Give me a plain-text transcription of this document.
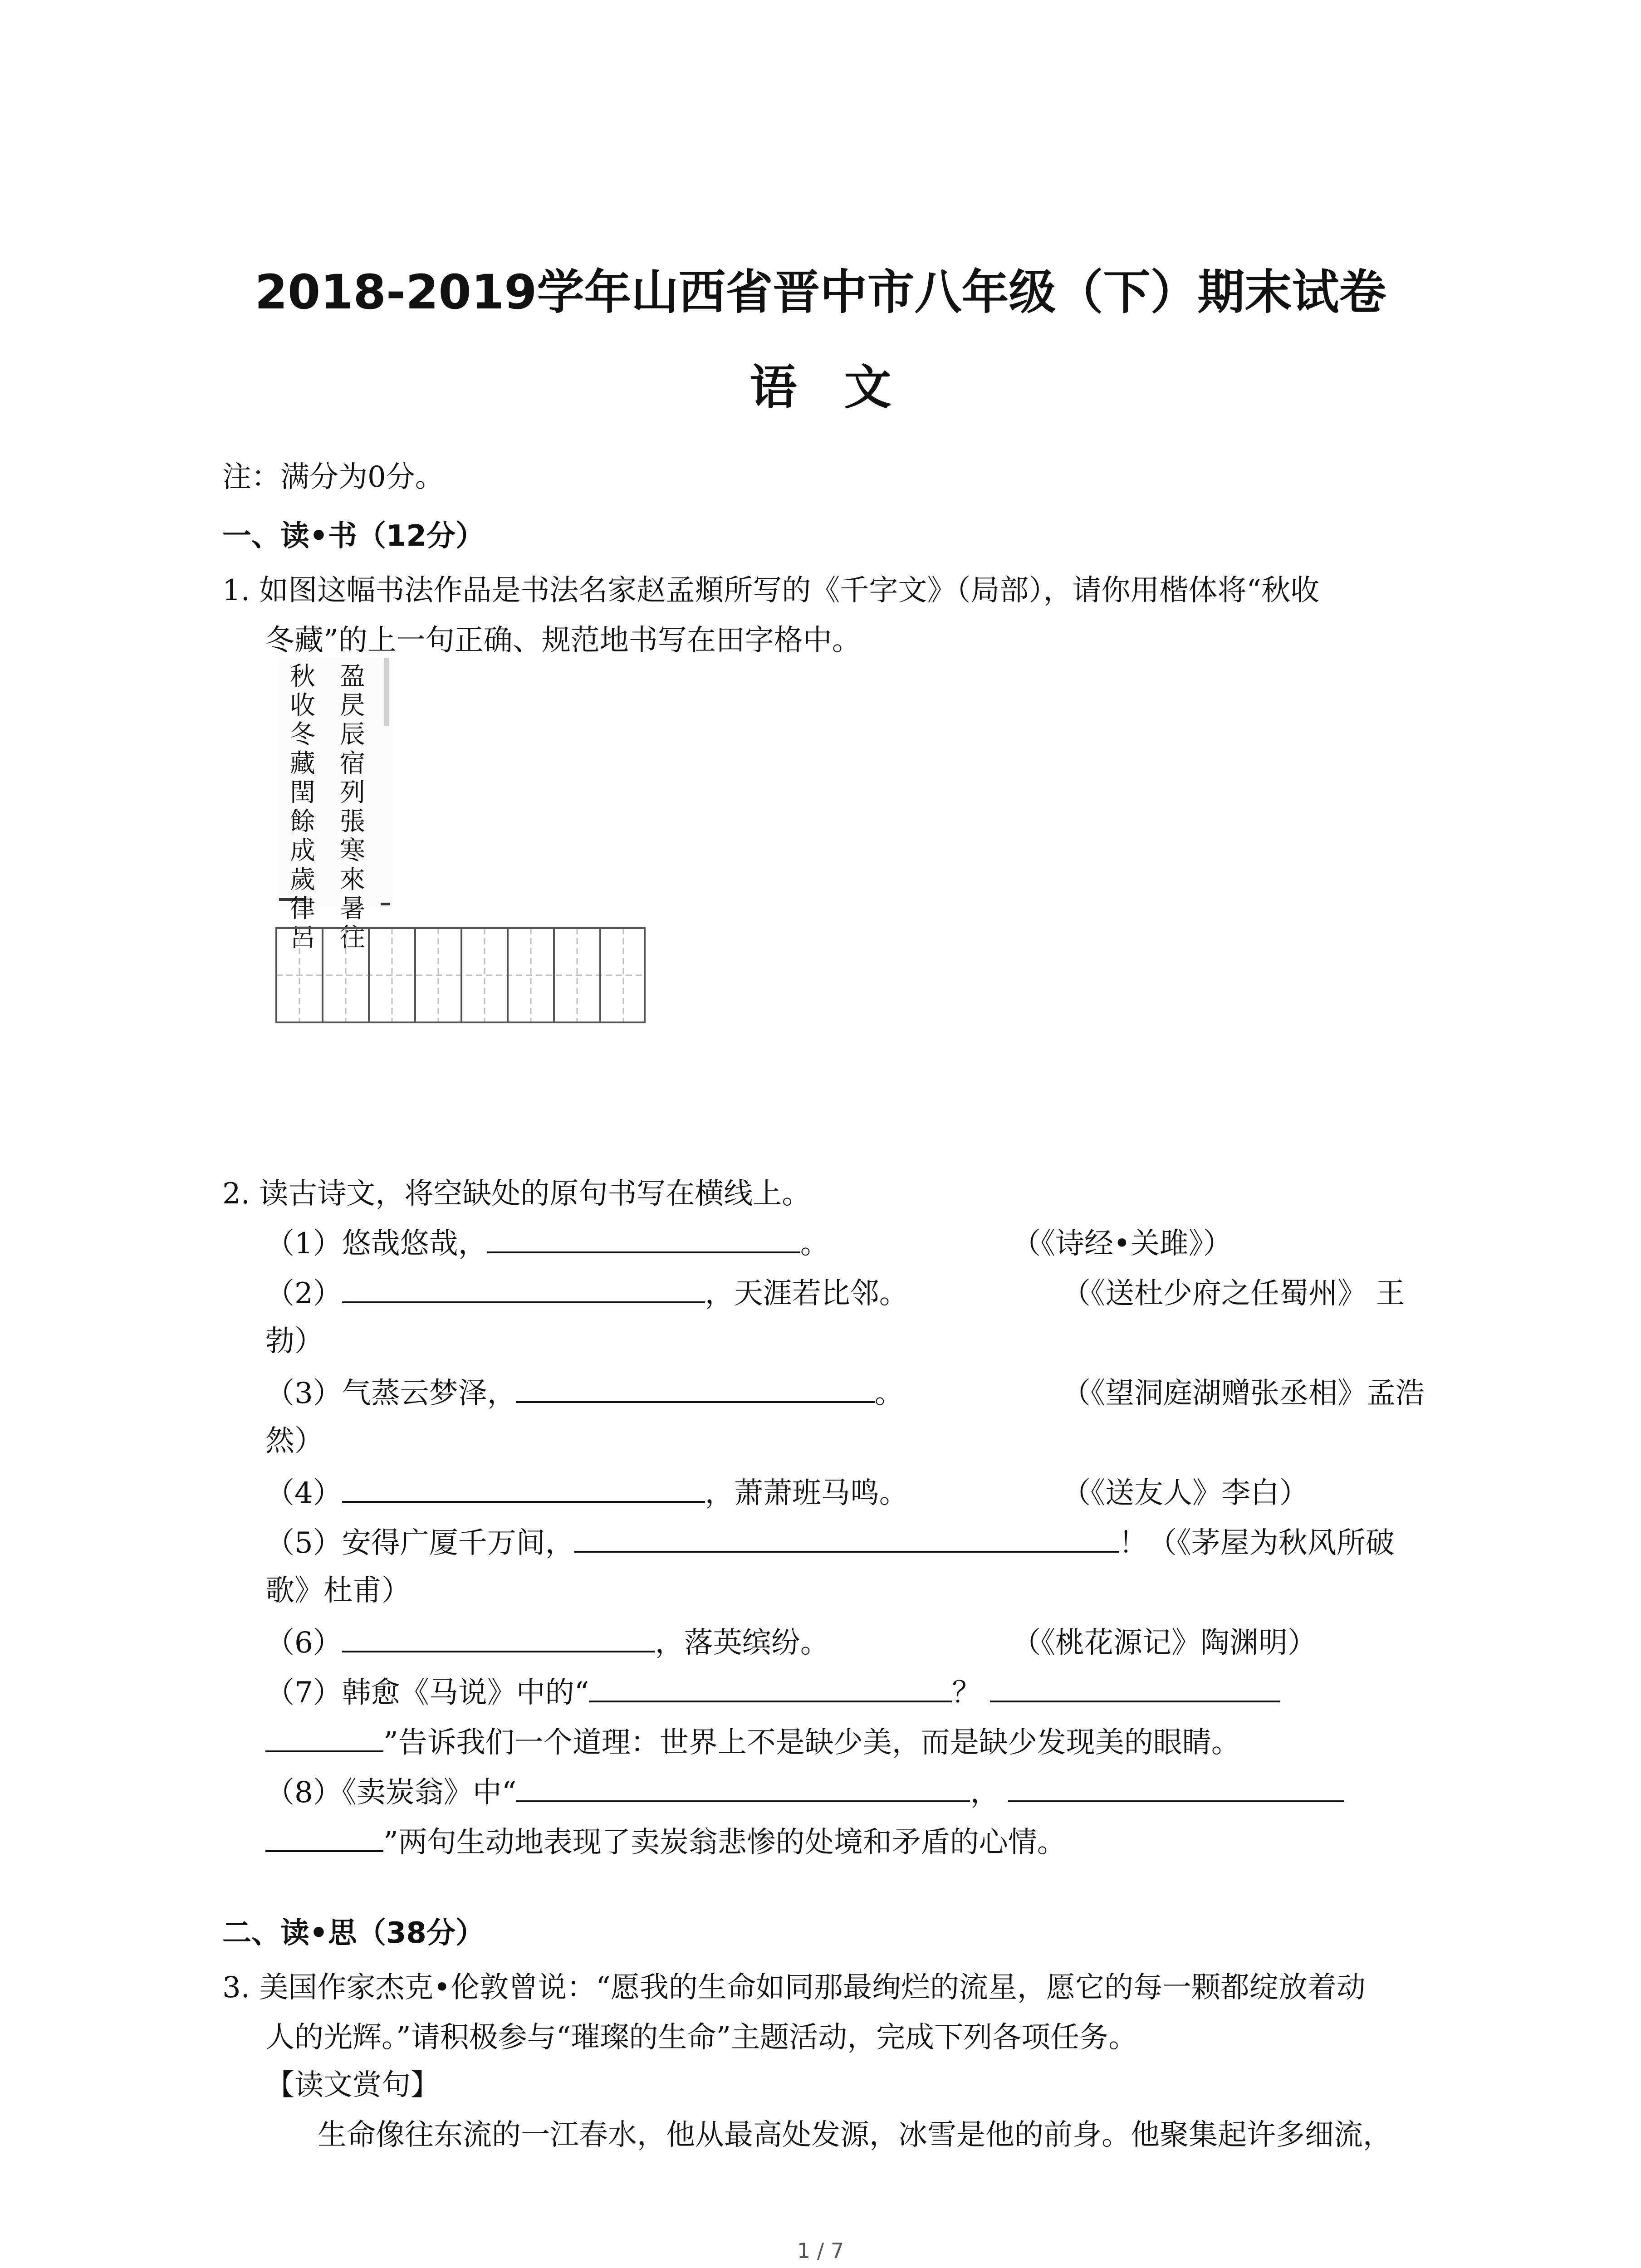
2018-2019学年山西省晋中市八年级（下）期末试卷
语　文
注：满分为0分。
一、读•书（12分）
1. 如图这幅书法作品是书法名家赵孟頫所写的《千字文》（局部），请你用楷体将“秋收
冬藏”的上一句正确、规范地书写在田字格中。
秋收冬藏閏餘成歲律呂
盈昃辰宿列張寒來暑往
2. 读古诗文，将空缺处的原句书写在横线上。
（1）悠哉悠哉，	。	（《诗经•关雎》）
（2）	，天涯若比邻。	（《送杜少府之任蜀州》 王
勃）
（3）气蒸云梦泽，	。	（《望洞庭湖赠张丞相》孟浩
然）
（4）	，萧萧班马鸣。	（《送友人》李白）
（5）安得广厦千万间，	！（《茅屋为秋风所破
歌》杜甫）
（6）	，落英缤纷。	（《桃花源记》陶渊明）
（7）韩愈《马说》中的“	？
”告诉我们一个道理：世界上不是缺少美，而是缺少发现美的眼睛。
（8）《卖炭翁》中“	，
”两句生动地表现了卖炭翁悲惨的处境和矛盾的心情。
二、读•思（38分）
3. 美国作家杰克•伦敦曾说：“愿我的生命如同那最绚烂的流星，愿它的每一颗都绽放着动
人的光辉。”请积极参与“璀璨的生命”主题活动，完成下列各项任务。
【读文赏句】
生命像往东流的一江春水，他从最高处发源，冰雪是他的前身。他聚集起许多细流，
1 / 7
